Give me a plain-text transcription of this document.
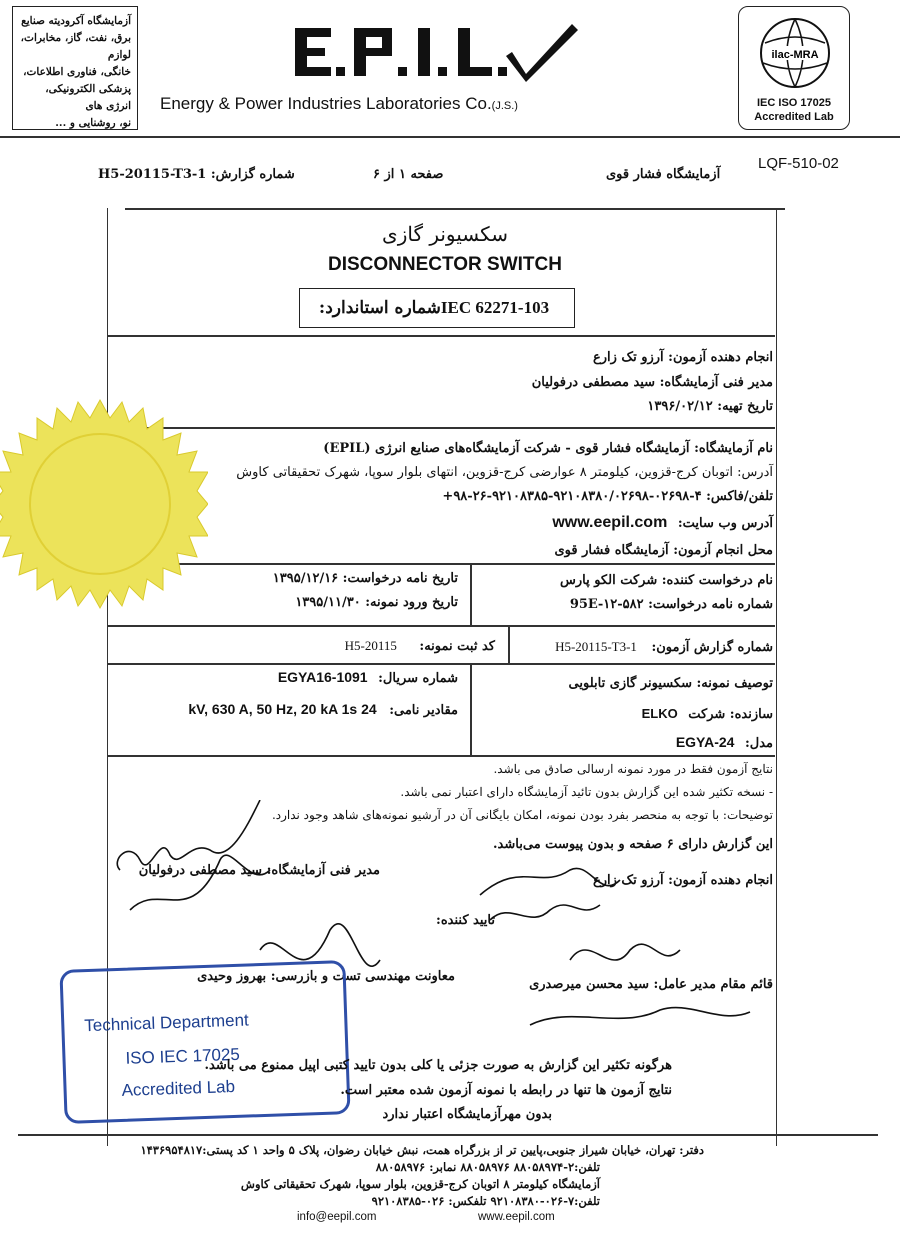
آزمایشگاه آکرودیته صنایع
برق، نفت، گاز، مخابرات، لوازم
خانگی، فناوری اطلاعات،
پزشکی الکترونیکی، انرژی های
نو، روشنایی و ...
Energy & Power Industries Laboratories Co.(J.S.)
ilac-MRA
IEC ISO 17025
Accredited Lab
LQF-510-02
شماره گزارش: H5-20115-T3-1	صفحه ۱ از ۶	آزمایشگاه فشار قوی
سکسیونر گازی
DISCONNECTOR SWITCH
شماره استاندارد: IEC 62271-103
انجام دهنده آزمون: آرزو تک زارع
مدیر فنی آزمایشگاه: سید مصطفی درفولیان
تاریخ تهیه: ۱۳۹۶/۰۲/۱۲
نام آزمایشگاه: آزمایشگاه فشار قوی - شرکت آزمایشگاه‌های صنایع انرژی (EPIL)
آدرس: اتوبان کرج-قزوین، کیلومتر ۸ عوارضی کرج-قزوین، انتهای بلوار سوپا، شهرک تحقیقاتی کاوش
تلفن/فاکس: ۴-۰۲۶۹۸-۹۲۱۰۸۳۸۰/۰۲۶۹۸-۹۲۱۰۸۳۸۵-۲۶-۹۸+
آدرس وب سایت: www.eepil.com
محل انجام آزمون: آزمایشگاه فشار قوی
نام درخواست کننده: شرکت الکو پارس
شماره نامه درخواست: ۵۸۲-۱۲-95E
تاریخ نامه درخواست: ۱۳۹۵/۱۲/۱۶
تاریخ ورود نمونه: ۱۳۹۵/۱۱/۳۰
شماره گزارش آزمون: H5-20115-T3-1
کد ثبت نمونه: H5-20115
توصیف نمونه: سکسیونر گازی تابلویی
سازنده: شرکت ELKO
مدل: EGYA-24
شماره سریال: EGYA16-1091
مقادیر نامی: 24 kV, 630 A, 50 Hz, 20 kA 1s
نتایج آزمون فقط در مورد نمونه ارسالی صادق می باشد.
- نسخه تکثیر شده این گزارش بدون تائید آزمایشگاه دارای اعتبار نمی باشد.
توضیحات: با توجه به منحصر بفرد بودن نمونه، امکان بایگانی آن در آرشیو نمونه‌های شاهد وجود ندارد.
این گزارش دارای ۶ صفحه و بدون پیوست می‌باشد.
انجام دهنده آزمون: آرزو تک زارع
مدیر فنی آزمایشگاه: سید مصطفی درفولیان
تایید کننده:
معاونت مهندسی تست و بازرسی: بهروز وحیدی
قائم مقام مدیر عامل: سید محسن میرصدری
Technical Department
ISO IEC 17025
Accredited Lab
هرگونه تکثیر این گزارش به صورت جزئی یا کلی بدون تایید کتبی اپیل ممنوع می باشد.
نتایج آزمون ها تنها در رابطه با نمونه آزمون شده معتبر است.
بدون مهرآزمایشگاه اعتبار ندارد
دفتر: تهران، خیابان شیراز جنوبی،پایین تر از بزرگراه همت، نبش خیابان رضوان، پلاک ۵ واحد ۱ کد پستی:۱۴۳۶۹۵۴۸۱۷
تلفن:۲-۸۸۰۵۸۹۷۴ ۸۸۰۵۸۹۷۶ نمابر: ۸۸۰۵۸۹۷۶
آزمایشگاه کیلومتر ۸ اتوبان کرج-قزوین، بلوار سوپا، شهرک تحقیقاتی کاوش
تلفن:۷-۰۲۶-۹۲۱۰۸۳۸۰ تلفکس: ۰۲۶-۹۲۱۰۸۳۸۵
info@eepil.com	www.eepil.com
